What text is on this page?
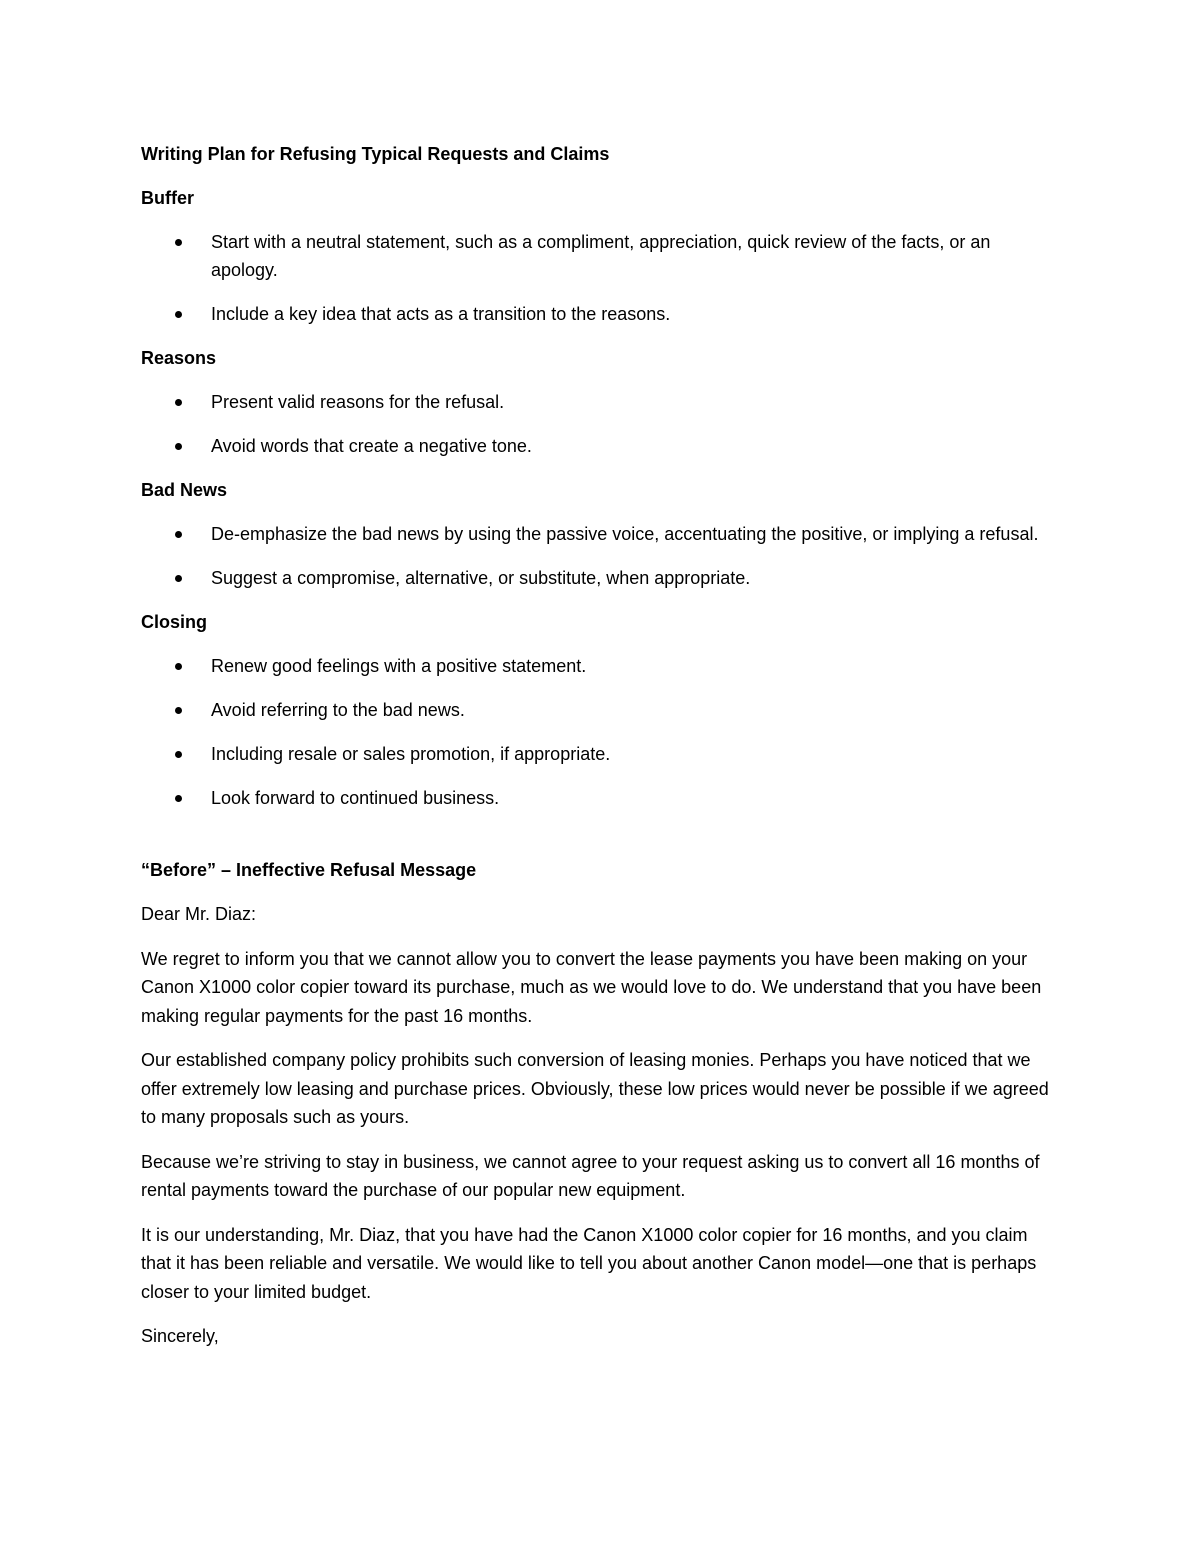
Writing Plan for Refusing Typical Requests and Claims
Buffer
Start with a neutral statement, such as a compliment, appreciation, quick review of the facts, or an apology.
Include a key idea that acts as a transition to the reasons.
Reasons
Present valid reasons for the refusal.
Avoid words that create a negative tone.
Bad News
De-emphasize the bad news by using the passive voice, accentuating the positive, or implying a refusal.
Suggest a compromise, alternative, or substitute, when appropriate.
Closing
Renew good feelings with a positive statement.
Avoid referring to the bad news.
Including resale or sales promotion, if appropriate.
Look forward to continued business.
“Before” – Ineffective Refusal Message

Dear Mr. Diaz:

We regret to inform you that we cannot allow you to convert the lease payments you have been making on your Canon X1000 color copier toward its purchase, much as we would love to do. We understand that you have been making regular payments for the past 16 months.

Our established company policy prohibits such conversion of leasing monies. Perhaps you have noticed that we offer extremely low leasing and purchase prices. Obviously, these low prices would never be possible if we agreed to many proposals such as yours.

Because we’re striving to stay in business, we cannot agree to your request asking us to convert all 16 months of rental payments toward the purchase of our popular new equipment.

It is our understanding, Mr. Diaz, that you have had the Canon X1000 color copier for 16 months, and you claim that it has been reliable and versatile. We would like to tell you about another Canon model—one that is perhaps closer to your limited budget.

Sincerely,
